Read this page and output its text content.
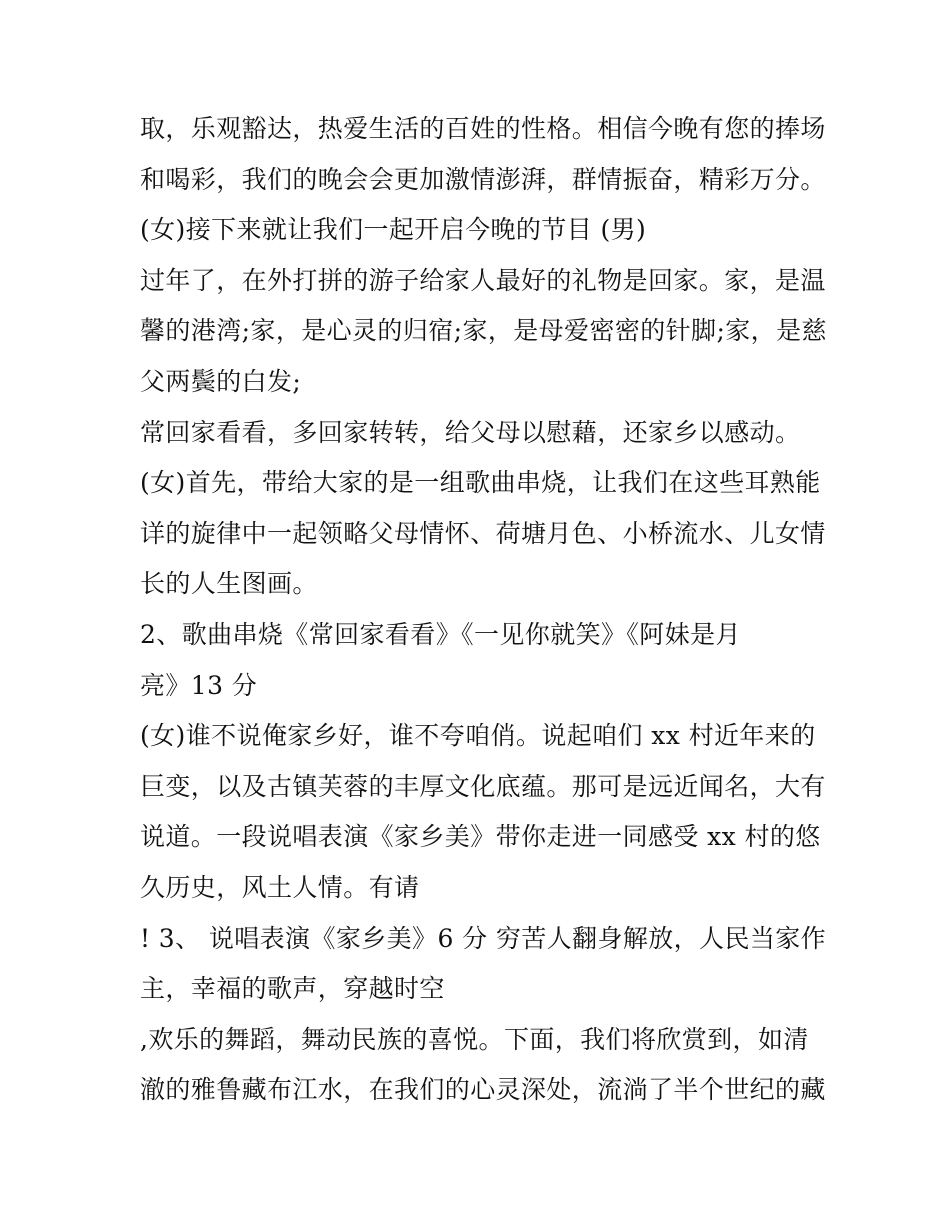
取，乐观豁达，热爱生活的百姓的性格。相信今晚有您的捧场
和喝彩，我们的晚会会更加激情澎湃，群情振奋，精彩万分。
(女)接下来就让我们一起开启今晚的节目 (男)
过年了，在外打拼的游子给家人最好的礼物是回家。家，是温
馨的港湾;家，是心灵的归宿;家，是母爱密密的针脚;家，是慈
父两鬓的白发;
常回家看看，多回家转转，给父母以慰藉，还家乡以感动。
(女)首先，带给大家的是一组歌曲串烧，让我们在这些耳熟能
详的旋律中一起领略父母情怀、荷塘月色、小桥流水、儿女情
长的人生图画。
2、歌曲串烧《常回家看看》《一见你就笑》《阿妹是月
亮》13 分
(女)谁不说俺家乡好，谁不夸咱俏。说起咱们 xx 村近年来的
巨变，以及古镇芙蓉的丰厚文化底蕴。那可是远近闻名，大有
说道。一段说唱表演《家乡美》带你走进一同感受 xx 村的悠
久历史，风土人情。有请
! 3、 说唱表演《家乡美》6 分 穷苦人翻身解放，人民当家作
主，幸福的歌声，穿越时空
,欢乐的舞蹈，舞动民族的喜悦。下面，我们将欣赏到，如清
澈的雅鲁藏布江水，在我们的心灵深处，流淌了半个世纪的藏
